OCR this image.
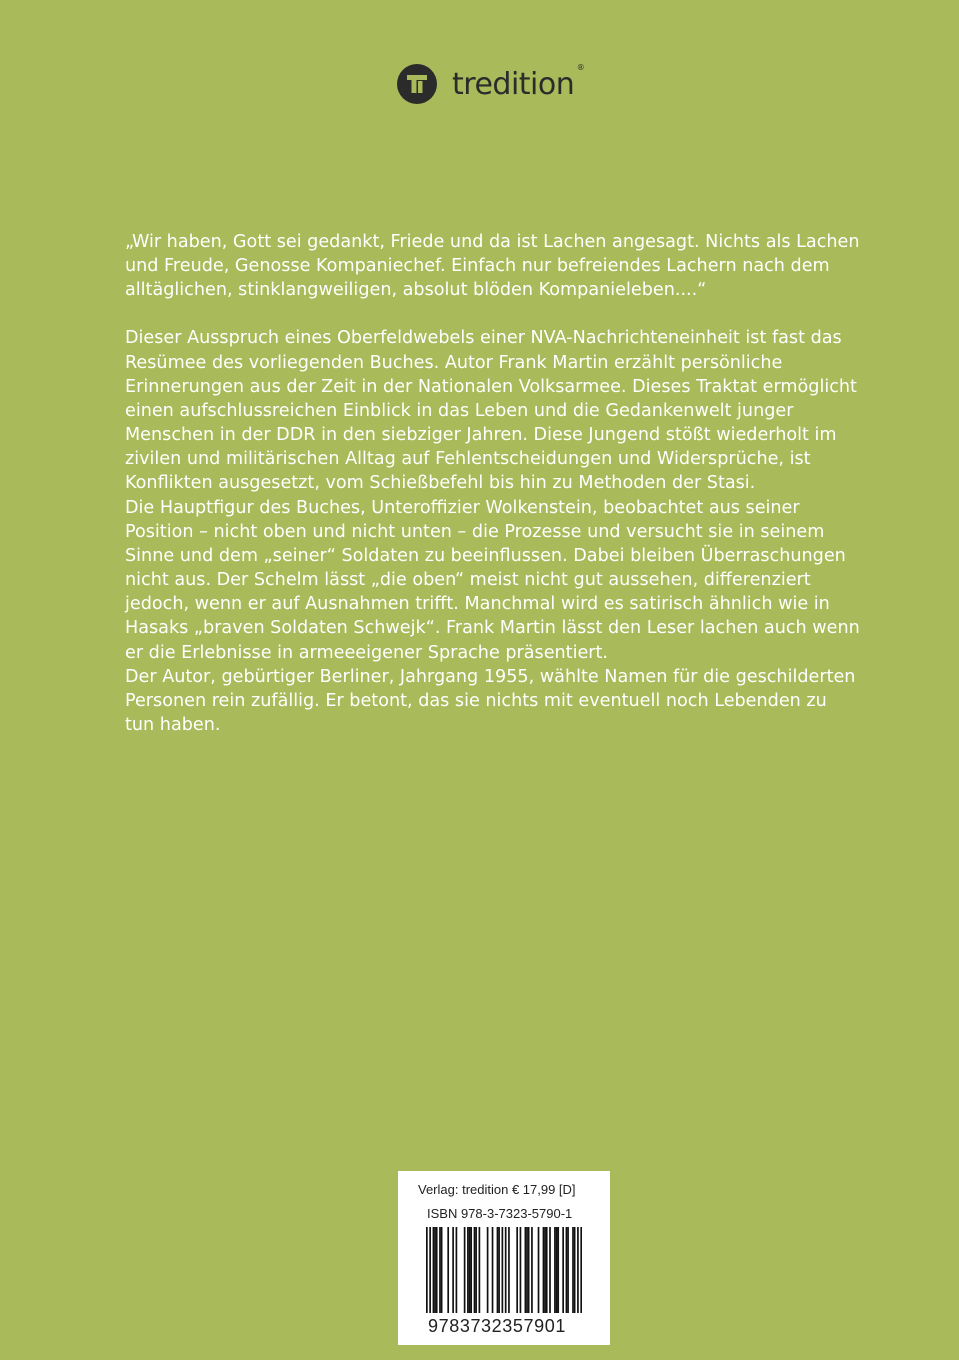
tredition ®

„Wir haben, Gott sei gedankt, Friede und da ist Lachen angesagt. Nichts als Lachen und Freude, Genosse Kompaniechef. Einfach nur befreiendes Lachern nach dem alltäglichen, stinklangweiligen, absolut blöden Kompanieleben....“

Dieser Ausspruch eines Oberfeldwebels einer NVA-Nachrichteneinheit ist fast das Resümee des vorliegenden Buches. Autor Frank Martin erzählt persönliche Erinnerungen aus der Zeit in der Nationalen Volksarmee. Dieses Traktat ermöglicht einen aufschlussreichen Einblick in das Leben und die Gedankenwelt junger Menschen in der DDR in den siebziger Jahren. Diese Jungend stößt wiederholt im zivilen und militärischen Alltag auf Fehlentscheidungen und Widersprüche, ist Konflikten ausgesetzt, vom Schießbefehl bis hin zu Methoden der Stasi.

Die Hauptfigur des Buches, Unteroffizier Wolkenstein, beobachtet aus seiner Position – nicht oben und nicht unten – die Prozesse und versucht sie in seinem Sinne und dem „seiner“ Soldaten zu beeinflussen. Dabei bleiben Überraschungen nicht aus. Der Schelm lässt „die oben“ meist nicht gut aussehen, differenziert jedoch, wenn er auf Ausnahmen trifft. Manchmal wird es satirisch ähnlich wie in Hasaks „braven Soldaten Schwejk“. Frank Martin lässt den Leser lachen auch wenn er die Erlebnisse in armeeeigener Sprache präsentiert.

Der Autor, gebürtiger Berliner, Jahrgang 1955, wählte Namen für die geschilderten Personen rein zufällig. Er betont, das sie nichts mit eventuell noch Lebenden zu tun haben.

Verlag: tredition € 17,99 [D]
ISBN 978-3-7323-5790-1
9783732357901
